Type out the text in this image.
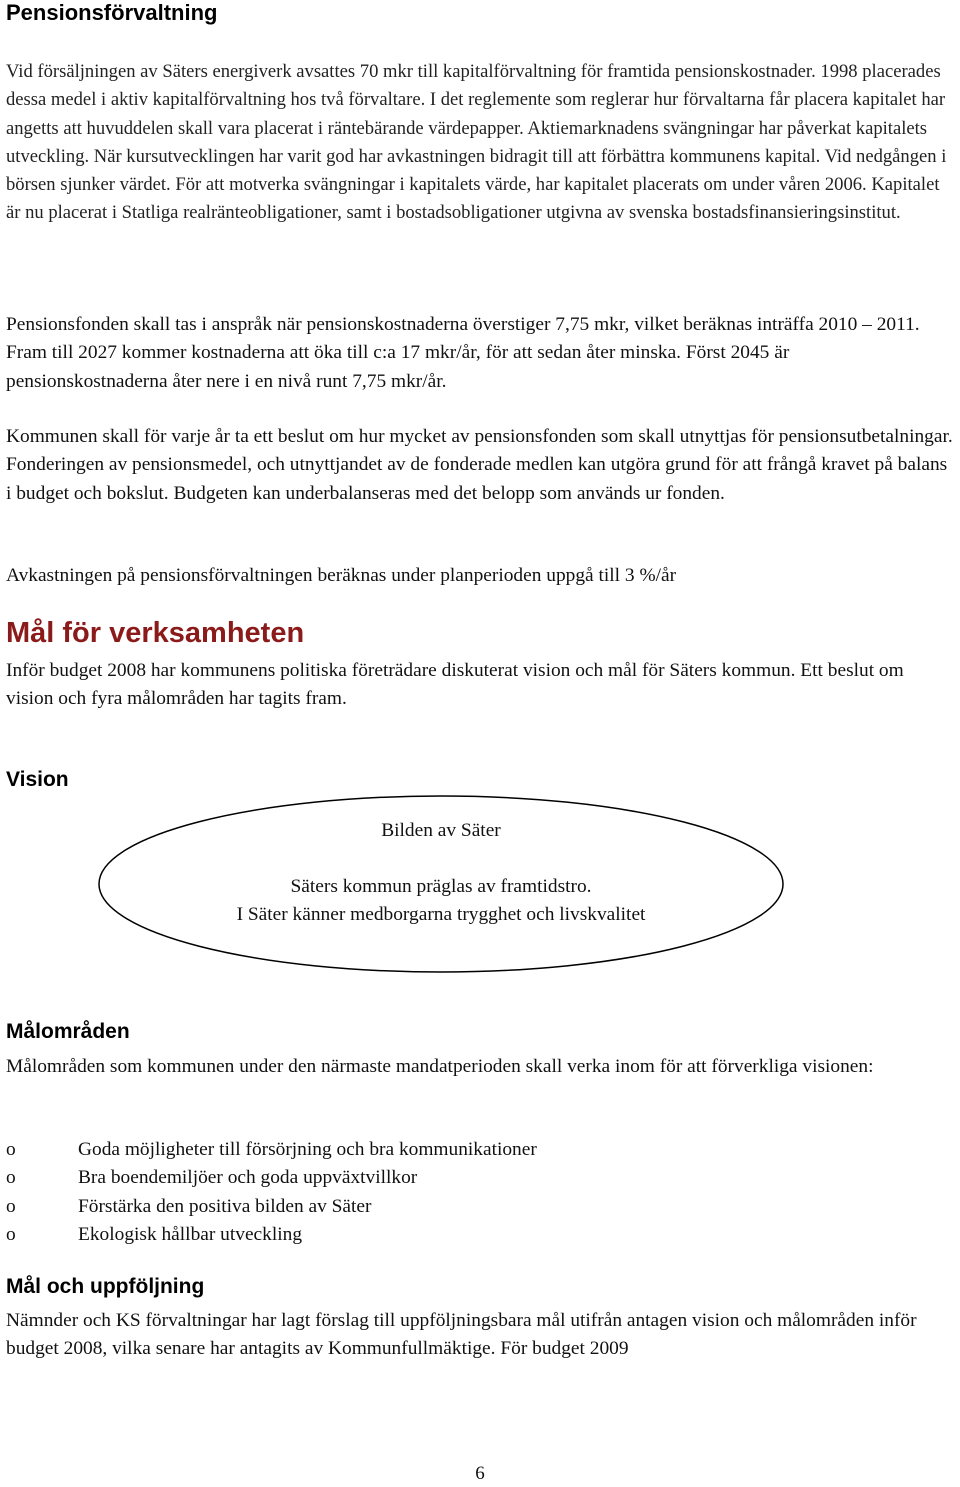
Pensionsförvaltning

Vid försäljningen av Säters energiverk avsattes 70 mkr till kapitalförvaltning för framtida pensionskostnader. 1998 placerades dessa medel i aktiv kapitalförvaltning hos två förvaltare. I det reglemente som reglerar hur förvaltarna får placera kapitalet har angetts att huvuddelen skall vara placerat i räntebärande värdepapper. Aktiemarknadens svängningar har påverkat kapitalets utveckling. När kursutvecklingen har varit god har avkastningen bidragit till att förbättra kommunens kapital. Vid nedgången i börsen sjunker värdet. För att motverka svängningar i kapitalets värde, har kapitalet placerats om under våren 2006. Kapitalet är nu placerat i Statliga realränteobligationer, samt i bostadsobligationer utgivna av svenska bostadsfinansieringsinstitut.

Pensionsfonden skall tas i anspråk när pensionskostnaderna överstiger 7,75 mkr, vilket beräknas inträffa 2010 – 2011. Fram till 2027 kommer kostnaderna att öka till c:a 17 mkr/år, för att sedan åter minska. Först 2045 är pensionskostnaderna åter nere i en nivå runt 7,75 mkr/år.

Kommunen skall för varje år ta ett beslut om hur mycket av pensionsfonden som skall utnyttjas för pensionsutbetalningar. Fonderingen av pensionsmedel, och utnyttjandet av de fonderade medlen kan utgöra grund för att frångå kravet på balans i budget och bokslut. Budgeten kan underbalanseras med det belopp som används ur fonden.

Avkastningen på pensionsförvaltningen beräknas under planperioden uppgå till 3 %/år

Mål för verksamheten

Inför budget 2008 har kommunens politiska företrädare diskuterat vision och mål för Säters kommun. Ett beslut om vision och fyra målområden har tagits fram.

Vision

Bilden av Säter

Säters kommun präglas av framtidstro.

I Säter känner medborgarna trygghet och livskvalitet

Målområden

Målområden som kommunen under den närmaste mandatperioden skall verka inom för att förverkliga visionen:

o	Goda möjligheter till försörjning och bra kommunikationer
o	Bra boendemiljöer och goda uppväxtvillkor
o	Förstärka den positiva bilden av Säter
o	Ekologisk hållbar utveckling
Mål och uppföljning

Nämnder och KS förvaltningar har lagt förslag till uppföljningsbara mål utifrån antagen vision och målområden inför budget 2008, vilka senare har antagits av Kommunfullmäktige. För budget 2009

6
